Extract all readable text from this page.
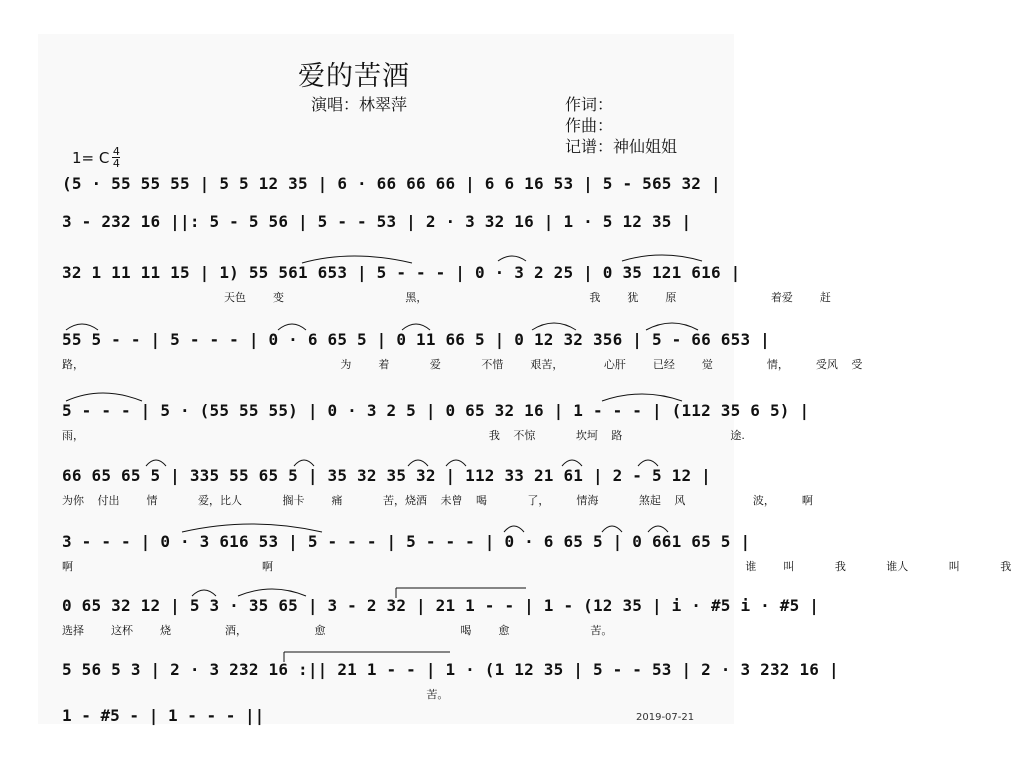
爱的苦酒
演唱：林翠萍	作词：
作曲：
记谱：神仙姐姐
1= C $\frac{4}{4}$
(5 · 55 55 55 | 5 5 12 35 | 6 · 66 66 66 | 6 6 16 53 | 5 - 565 32 |
3 - 232 16 ||: 5 - 5 56 | 5 - - 53 | 2 · 3 32 16 | 1 · 5 12 35 |
32 1 11 11 15 | 1) 55 561 653 | 5 - - - | 0 · 3 2 25 | 0 35 121 616 |
天色  变         黑，            我  犹  原       着爱  赶
55 5 - - | 5 - - - | 0 · 6 65 5 | 0 11 66 5 | 0 12 32 356 | 5 - 66 653 |
路，                   为  着   爱   不惜  艰苦，   心肝  已经  觉    情，  受风 受
5 - - - | 5 · (55 55 55) | 0 · 3 2 5 | 0 65 32 16 | 1 - - - | (112 35 6 5) |
雨，                              我 不惊   坎坷 路        途.
66 65 65 5 | 335 55 65 5 | 35 32 35 32 | 112 33 21 61 | 2 - 5 12 |
为你 付出  情   爱，比人   搁卡  痛   苦，烧酒 未曾 喝   了，  情海   煞起 风     波，  啊
3 - - - | 0 · 3 616 53 | 5 - - - | 5 - - - | 0 · 6 65 5 | 0 661 65 5 |
啊              啊                                   谁  叫   我   谁人   叫   我
0 65 32 12 | 5 3 · 35 65 | 3 - 2 32 | 21 1 - - | 1 - (12 35 | i · #5 i · #5 |
选择  这杯  烧    酒，     愈          喝  愈      苦。
5 56 5 3 | 2 · 3 232 16 :|| 21 1 - - | 1 · (1 12 35 | 5 - - 53 | 2 · 3 232 16 |
苦。
1 - #5 - | 1 - - - ||	2019-07-21
